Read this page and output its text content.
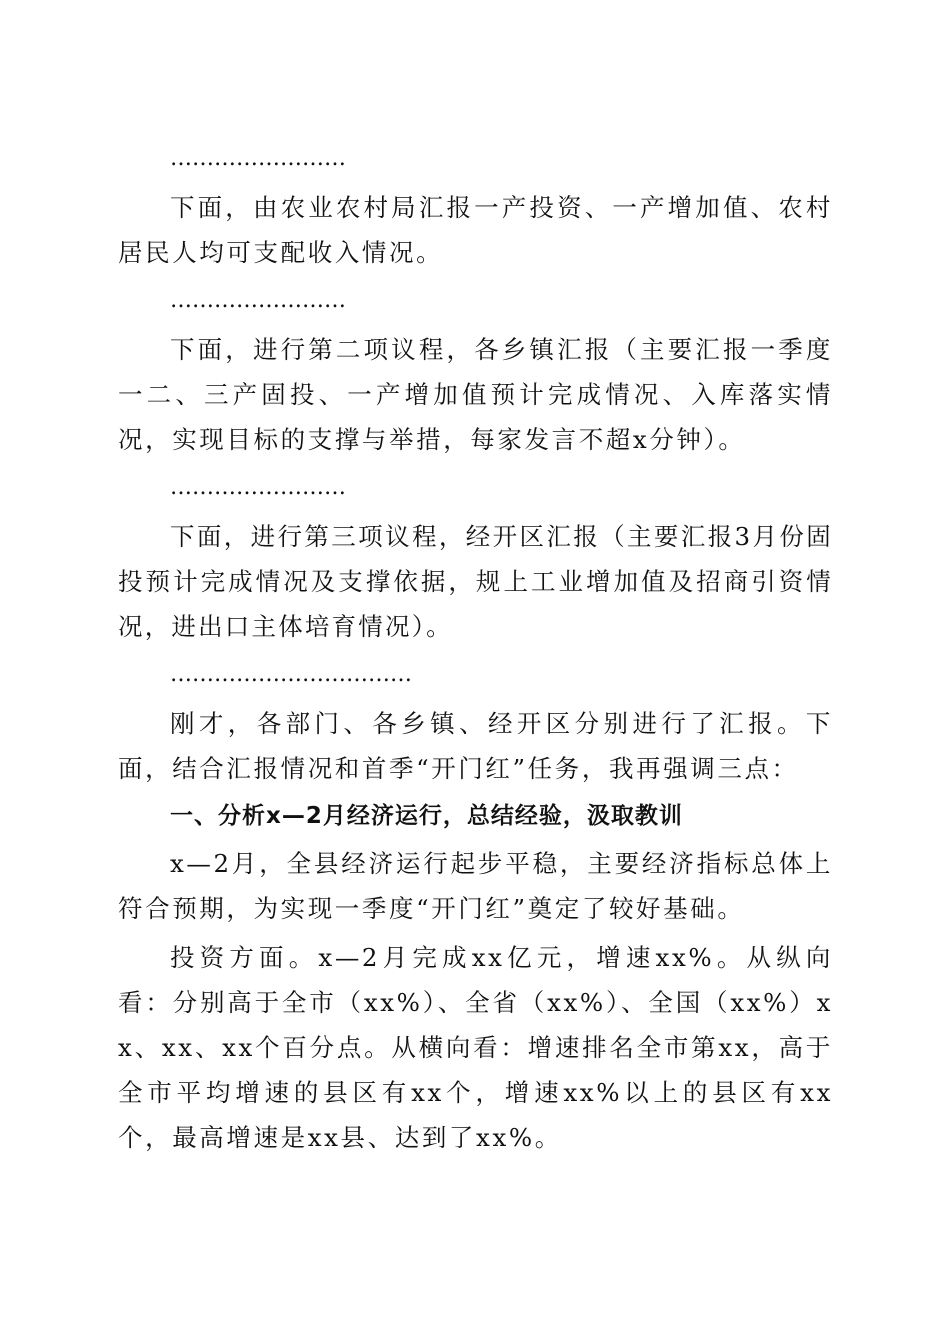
……………………

下面，由农业农村局汇报一产投资、一产增加值、农村居民人均可支配收入情况。

……………………

下面，进行第二项议程，各乡镇汇报（主要汇报一季度一二、三产固投、一产增加值预计完成情况、入库落实情况，实现目标的支撑与举措，每家发言不超x分钟）。

……………………

下面，进行第三项议程，经开区汇报（主要汇报3月份固投预计完成情况及支撑依据，规上工业增加值及招商引资情况，进出口主体培育情况）。

……………………………

刚才，各部门、各乡镇、经开区分别进行了汇报。下面，结合汇报情况和首季“开门红”任务，我再强调三点：

一、分析x—2月经济运行，总结经验，汲取教训

x—2月，全县经济运行起步平稳，主要经济指标总体上符合预期，为实现一季度“开门红”奠定了较好基础。

投资方面。x—2月完成xx亿元，增速xx%。从纵向看：分别高于全市（xx%）、全省（xx%）、全国（xx%）xx、xx、xx个百分点。从横向看：增速排名全市第xx，高于全市平均增速的县区有xx个，增速xx%以上的县区有xx个，最高增速是xx县、达到了xx%。
